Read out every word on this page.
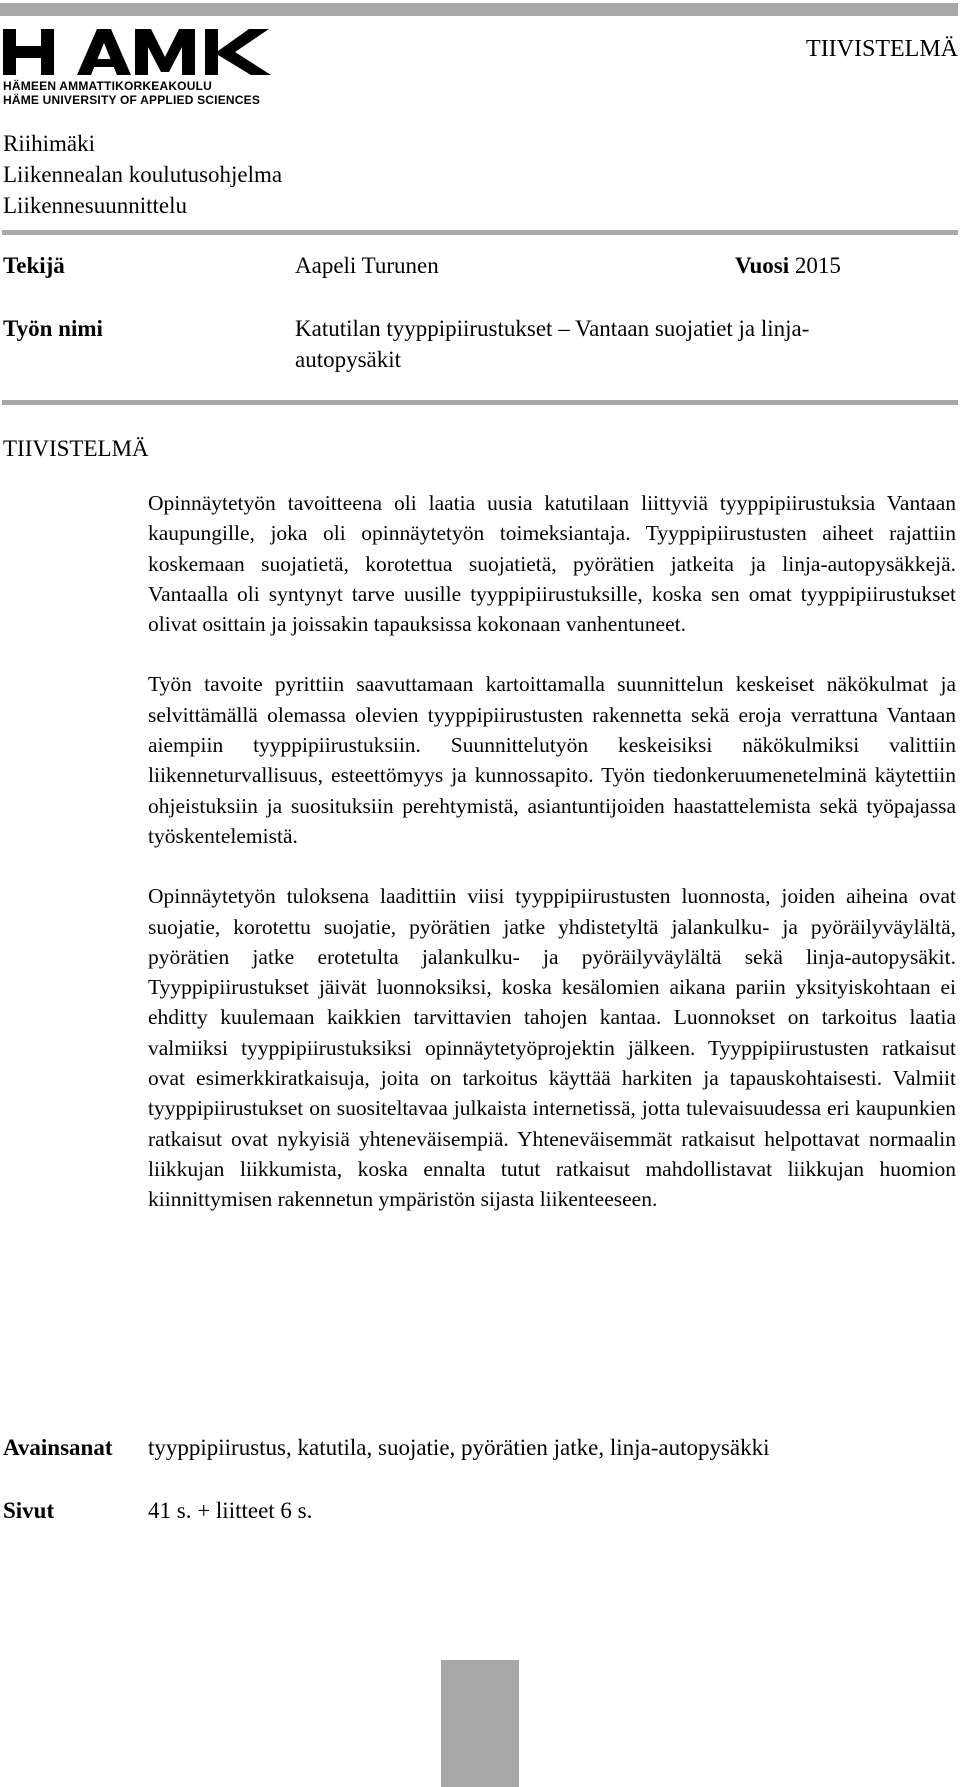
HÄMEEN AMMATTIKORKEAKOULU
HÄME UNIVERSITY OF APPLIED SCIENCES
TIIVISTELMÄ
Riihimäki
Liikennealan koulutusohjelma
Liikennesuunnittelu
Tekijä	Aapeli Turunen	Vuosi 2015
Työn nimi	Katutilan tyyppipiirustukset – Vantaan suojatiet ja linja-
autopysäkit
TIIVISTELMÄ

Opinnäytetyön tavoitteena oli laatia uusia katutilaan liittyviä tyyppipiirustuksia Vantaan kaupungille, joka oli opinnäytetyön toimeksiantaja. Tyyppipiirustusten aiheet rajattiin koskemaan suojatietä, korotettua suojatietä, pyörätien jatkeita ja linja-autopysäkkejä. Vantaalla oli syntynyt tarve uusille tyyppipiirustuksille, koska sen omat tyyppipiirustukset olivat osittain ja joissakin tapauksissa kokonaan vanhentuneet.

Työn tavoite pyrittiin saavuttamaan kartoittamalla suunnittelun keskeiset näkökulmat ja selvittämällä olemassa olevien tyyppipiirustusten rakennetta sekä eroja verrattuna Vantaan aiempiin tyyppipiirustuksiin. Suunnittelutyön keskeisiksi näkökulmiksi valittiin liikenneturvallisuus, esteettömyys ja kunnossapito. Työn tiedonkeruumenetelminä käytettiin ohjeistuksiin ja suosituksiin perehtymistä, asiantuntijoiden haastattelemista sekä työpajassa työskentelemistä.

Opinnäytetyön tuloksena laadittiin viisi tyyppipiirustusten luonnosta, joiden aiheina ovat suojatie, korotettu suojatie, pyörätien jatke yhdistetyltä jalankulku- ja pyöräilyväylältä, pyörätien jatke erotetulta jalankulku- ja pyöräilyväylältä sekä linja-autopysäkit. Tyyppipiirustukset jäivät luonnoksiksi, koska kesälomien aikana pariin yksityiskohtaan ei ehditty kuulemaan kaikkien tarvittavien tahojen kantaa. Luonnokset on tarkoitus laatia valmiiksi tyyppipiirustuksiksi opinnäytetyöprojektin jälkeen. Tyyppipiirustusten ratkaisut ovat esimerkkiratkaisuja, joita on tarkoitus käyttää harkiten ja tapauskohtaisesti. Valmiit tyyppipiirustukset on suositeltavaa julkaista internetissä, jotta tulevaisuudessa eri kaupunkien ratkaisut ovat nykyisiä yhteneväisempiä. Yhteneväisemmät ratkaisut helpottavat normaalin liikkujan liikkumista, koska ennalta tutut ratkaisut mahdollistavat liikkujan huomion kiinnittymisen rakennetun ympäristön sijasta liikenteeseen.

Avainsanat tyyppipiirustus, katutila, suojatie, pyörätien jatke, linja-autopysäkki
Sivut	41 s. + liitteet 6 s.
